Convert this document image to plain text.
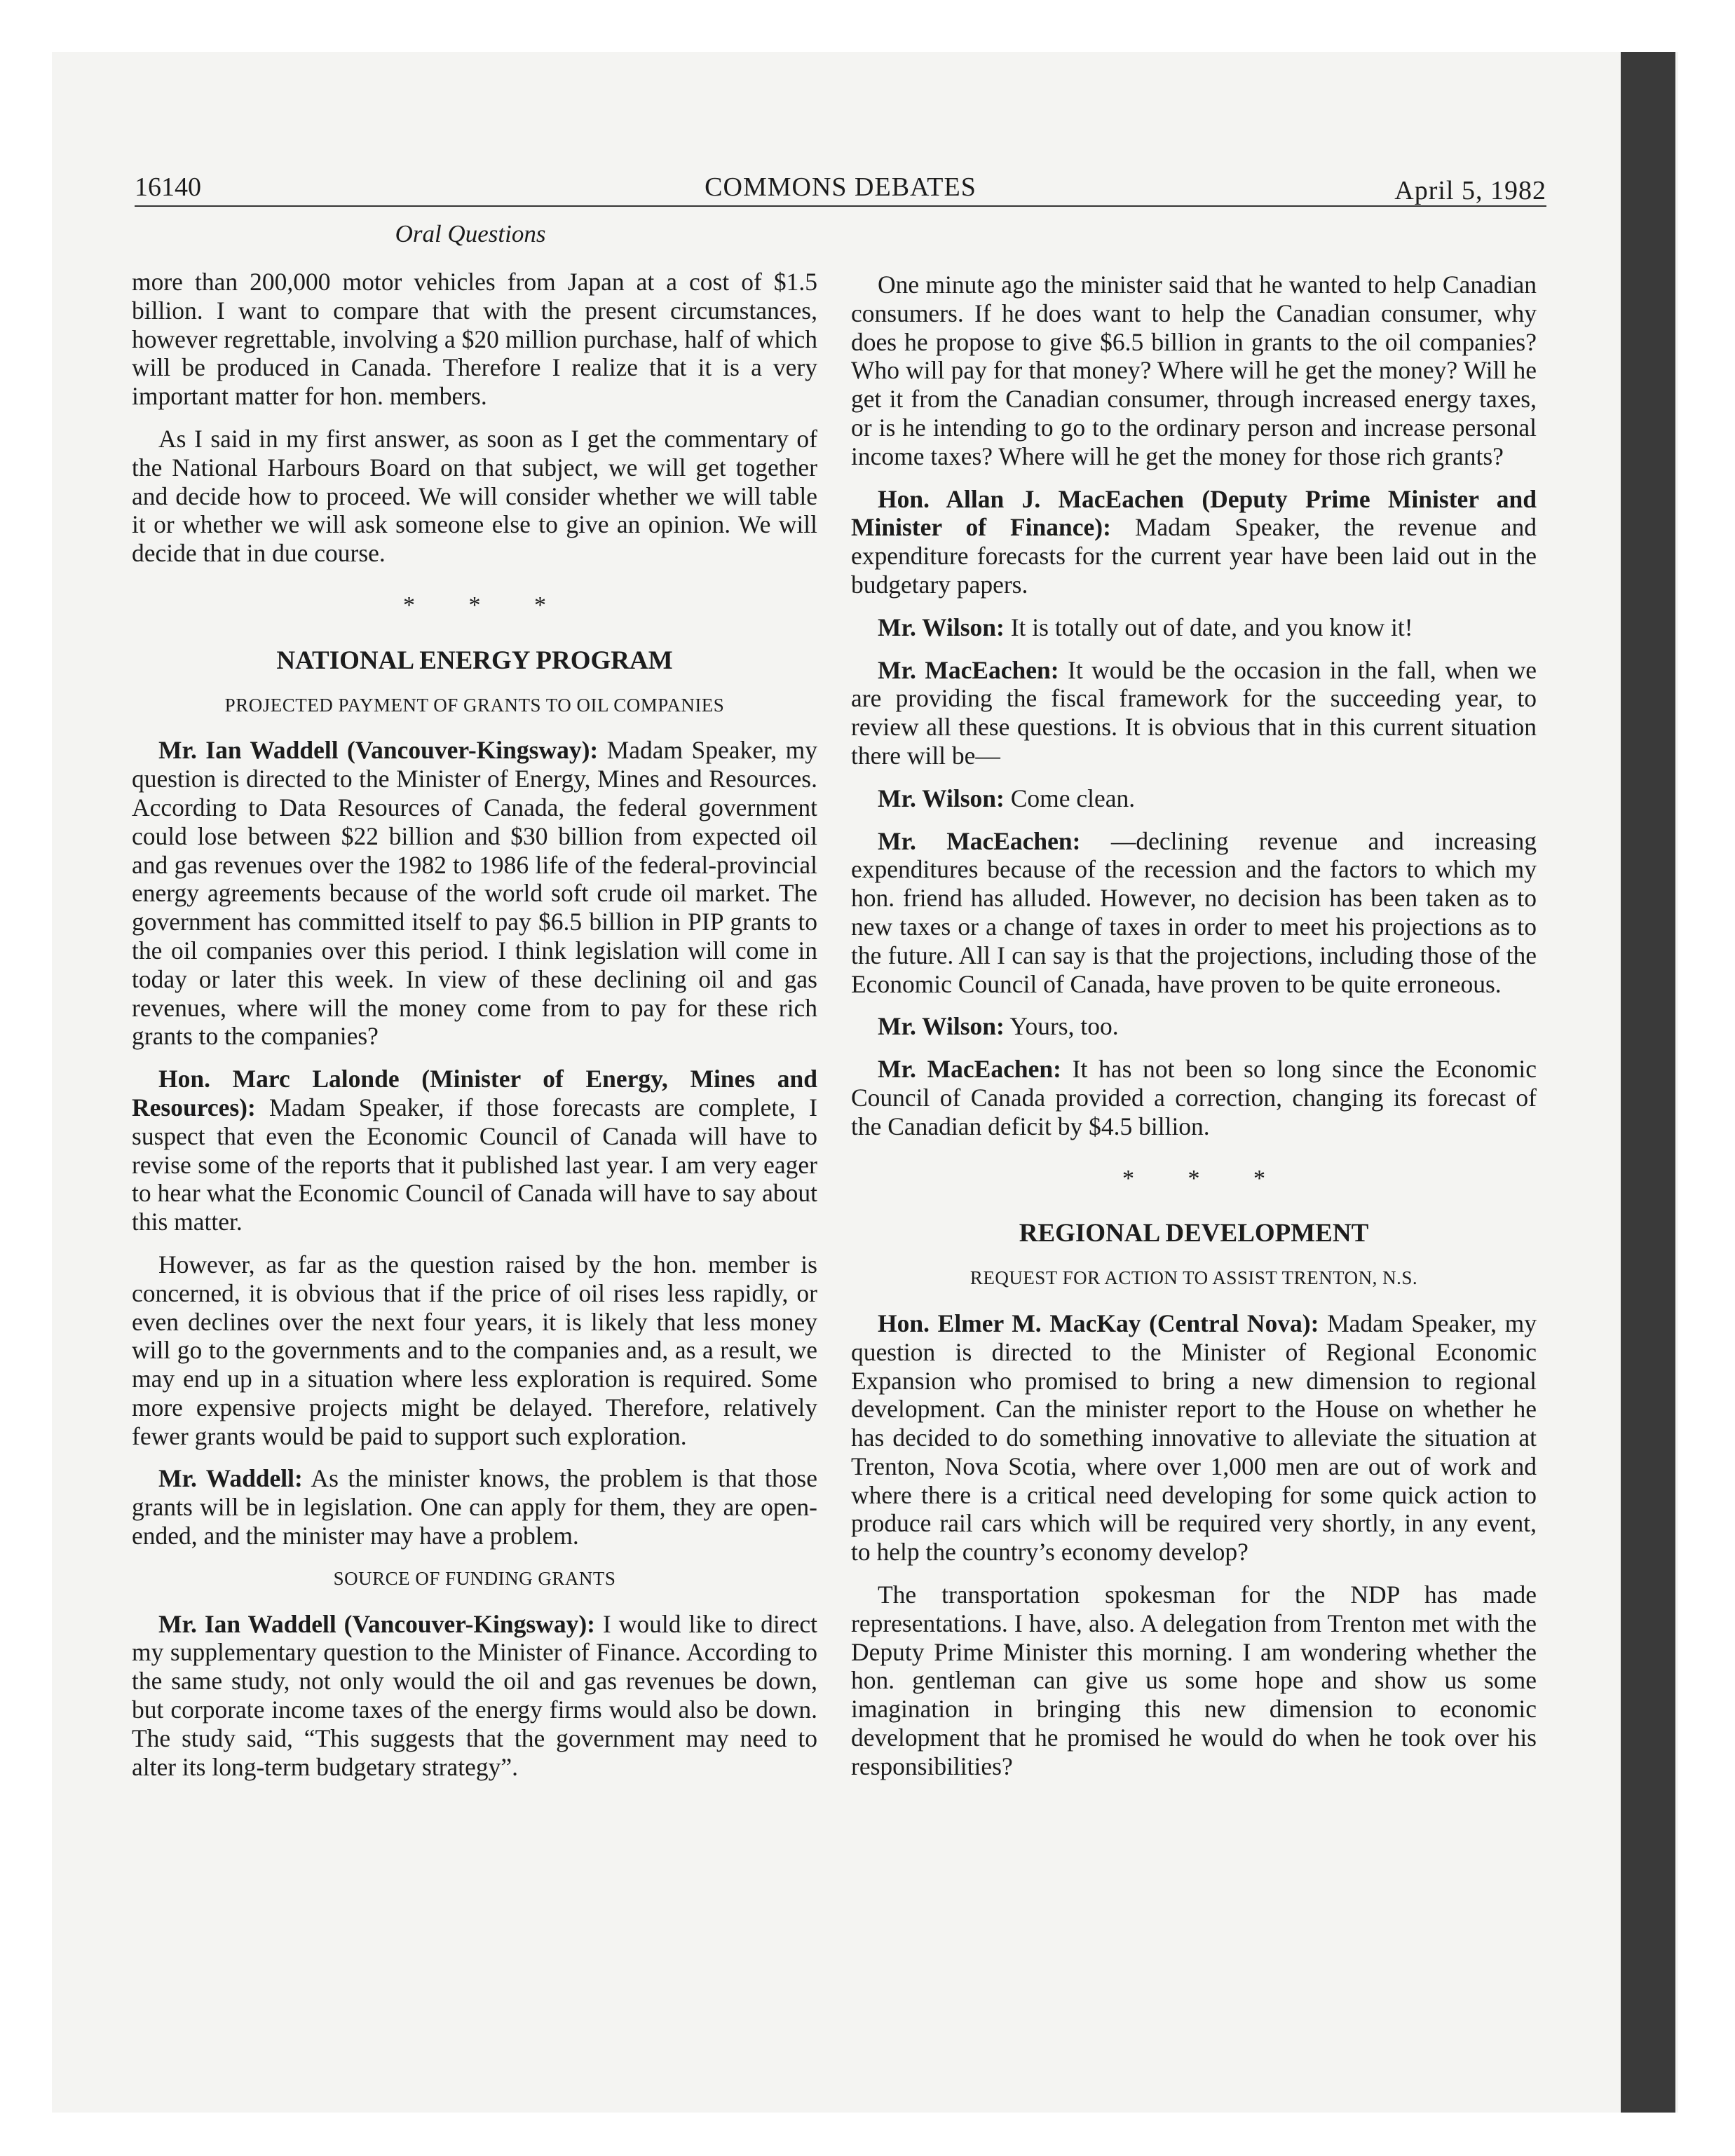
16140	COMMONS DEBATES	April 5, 1982
Oral Questions

more than 200,000 motor vehicles from Japan at a cost of $1.5 billion. I want to compare that with the present circumstances, however regrettable, involving a $20 million purchase, half of which will be produced in Canada. Therefore I realize that it is a very important matter for hon. members.

As I said in my first answer, as soon as I get the commentary of the National Harbours Board on that subject, we will get together and decide how to proceed. We will consider whether we will table it or whether we will ask someone else to give an opinion. We will decide that in due course.

* * *
NATIONAL ENERGY PROGRAM
PROJECTED PAYMENT OF GRANTS TO OIL COMPANIES

Mr. Ian Waddell (Vancouver-Kingsway): Madam Speaker, my question is directed to the Minister of Energy, Mines and Resources. According to Data Resources of Canada, the federal government could lose between $22 billion and $30 billion from expected oil and gas revenues over the 1982 to 1986 life of the federal-provincial energy agreements because of the world soft crude oil market. The government has committed itself to pay $6.5 billion in PIP grants to the oil companies over this period. I think legislation will come in today or later this week. In view of these declining oil and gas revenues, where will the money come from to pay for these rich grants to the companies?

Hon. Marc Lalonde (Minister of Energy, Mines and Resources): Madam Speaker, if those forecasts are complete, I suspect that even the Economic Council of Canada will have to revise some of the reports that it published last year. I am very eager to hear what the Economic Council of Canada will have to say about this matter.

However, as far as the question raised by the hon. member is concerned, it is obvious that if the price of oil rises less rapidly, or even declines over the next four years, it is likely that less money will go to the governments and to the companies and, as a result, we may end up in a situation where less exploration is required. Some more expensive projects might be delayed. Therefore, relatively fewer grants would be paid to support such exploration.

Mr. Waddell: As the minister knows, the problem is that those grants will be in legislation. One can apply for them, they are open-ended, and the minister may have a problem.

SOURCE OF FUNDING GRANTS

Mr. Ian Waddell (Vancouver-Kingsway): I would like to direct my supplementary question to the Minister of Finance. According to the same study, not only would the oil and gas revenues be down, but corporate income taxes of the energy firms would also be down. The study said, “This suggests that the government may need to alter its long-term budgetary strategy”.

One minute ago the minister said that he wanted to help Canadian consumers. If he does want to help the Canadian consumer, why does he propose to give $6.5 billion in grants to the oil companies? Who will pay for that money? Where will he get the money? Will he get it from the Canadian consumer, through increased energy taxes, or is he intending to go to the ordinary person and increase personal income taxes? Where will he get the money for those rich grants?

Hon. Allan J. MacEachen (Deputy Prime Minister and Minister of Finance): Madam Speaker, the revenue and expenditure forecasts for the current year have been laid out in the budgetary papers.

Mr. Wilson: It is totally out of date, and you know it!

Mr. MacEachen: It would be the occasion in the fall, when we are providing the fiscal framework for the succeeding year, to review all these questions. It is obvious that in this current situation there will be—

Mr. Wilson: Come clean.

Mr. MacEachen: —declining revenue and increasing expenditures because of the recession and the factors to which my hon. friend has alluded. However, no decision has been taken as to new taxes or a change of taxes in order to meet his projections as to the future. All I can say is that the projections, including those of the Economic Council of Canada, have proven to be quite erroneous.

Mr. Wilson: Yours, too.

Mr. MacEachen: It has not been so long since the Economic Council of Canada provided a correction, changing its forecast of the Canadian deficit by $4.5 billion.

* * *
REGIONAL DEVELOPMENT
REQUEST FOR ACTION TO ASSIST TRENTON, N.S.

Hon. Elmer M. MacKay (Central Nova): Madam Speaker, my question is directed to the Minister of Regional Economic Expansion who promised to bring a new dimension to regional development. Can the minister report to the House on whether he has decided to do something innovative to alleviate the situation at Trenton, Nova Scotia, where over 1,000 men are out of work and where there is a critical need developing for some quick action to produce rail cars which will be required very shortly, in any event, to help the country’s economy develop?

The transportation spokesman for the NDP has made representations. I have, also. A delegation from Trenton met with the Deputy Prime Minister this morning. I am wondering whether the hon. gentleman can give us some hope and show us some imagination in bringing this new dimension to economic development that he promised he would do when he took over his responsibilities?
